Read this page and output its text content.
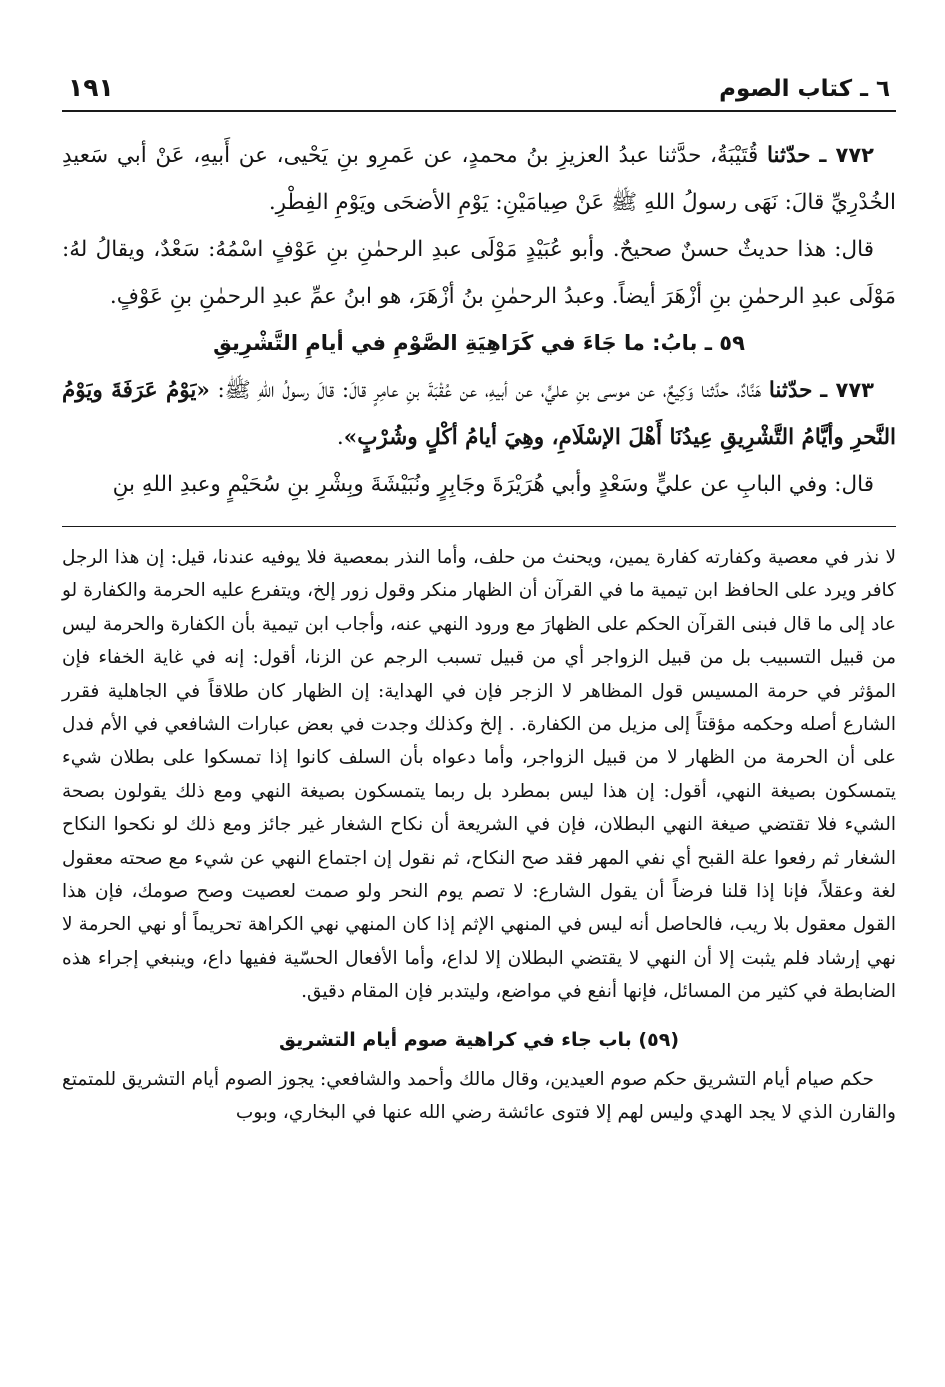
٦ ـ كتاب الصوم
١٩١

٧٧٢ ـ حدّثنا قُتَيْبَةُ، حدَّثنا عبدُ العزيزِ بنُ محمدٍ، عن عَمرِو بنِ يَحْيى، عن أَبيهِ، عَنْ أبي سَعيدِ الخُدْرِيِّ قالَ: نَهَى رسولُ اللهِ ﷺ عَنْ صِيامَيْنِ: يَوْمِ الأضحَى ويَوْمِ الفِطْرِ.

قال: هذا حديثٌ حسنٌ صحيحٌ. وأبو عُبَيْدٍ مَوْلَى عبدِ الرحمٰنِ بنِ عَوْفٍ اسْمُهُ: سَعْدٌ، ويقالُ لهُ: مَوْلَى عبدِ الرحمٰنِ بنِ أزْهَرَ أيضاً. وعبدُ الرحمٰنِ بنُ أزْهَرَ، هو ابنُ عمِّ عبدِ الرحمٰنِ بنِ عَوْفٍ.

٥٩ ـ بابُ: ما جَاءَ في كَرَاهِيَةِ الصَّوْمِ في أيامِ التَّشْرِيقِ

٧٧٣ ـ حدّثنا هَنَّادٌ، حدَّثنا وَكِيعٌ، عن موسى بنِ عليٍّ، عن أبيهِ، عن عُقْبَةَ بنِ عامِرٍ قالَ: قالَ رسولُ اللهِ ﷺ: «يَوْمُ عَرَفَةَ ويَوْمُ النَّحرِ وأيَّامُ التَّشْرِيقِ عِيدُنَا أَهْلَ الإسْلَامِ، وهِيَ أيامُ أكْلٍ وشُرْبٍ».

قال: وفي البابِ عن عليٍّ وسَعْدٍ وأبي هُرَيْرَةَ وجَابِرٍ ونُبَيْشَةَ وبِشْرِ بنِ سُحَيْمٍ وعبدِ اللهِ بنِ

لا نذر في معصية وكفارته كفارة يمين، ويحنث من حلف، وأما النذر بمعصية فلا يوفيه عندنا، قيل: إن هذا الرجل كافر ويرد على الحافظ ابن تيمية ما في القرآن أن الظهار منكر وقول زور إلخ، ويتفرع عليه الحرمة والكفارة لو عاد إلى ما قال فبنى القرآن الحكم على الظهارَ مع ورود النهي عنه، وأجاب ابن تيمية بأن الكفارة والحرمة ليس من قبيل التسبيب بل من قبيل الزواجر أي من قبيل تسبب الرجم عن الزنا، أقول: إنه في غاية الخفاء فإن المؤثر في حرمة المسيس قول المظاهر لا الزجر فإن في الهداية: إن الظهار كان طلاقاً في الجاهلية فقرر الشارع أصله وحكمه مؤقتاً إلى مزيل من الكفارة. . إلخ وكذلك وجدت في بعض عبارات الشافعي في الأم فدل على أن الحرمة من الظهار لا من قبيل الزواجر، وأما دعواه بأن السلف كانوا إذا تمسكوا على بطلان شيء يتمسكون بصيغة النهي، أقول: إن هذا ليس بمطرد بل ربما يتمسكون بصيغة النهي ومع ذلك يقولون بصحة الشيء فلا تقتضي صيغة النهي البطلان، فإن في الشريعة أن نكاح الشغار غير جائز ومع ذلك لو نكحوا النكاح الشغار ثم رفعوا علة القبح أي نفي المهر فقد صح النكاح، ثم نقول إن اجتماع النهي عن شيء مع صحته معقول لغة وعقلاً، فإنا إذا قلنا فرضاً أن يقول الشارع: لا تصم يوم النحر ولو صمت لعصيت وصح صومك، فإن هذا القول معقول بلا ريب، فالحاصل أنه ليس في المنهي الإثم إذا كان المنهي نهي الكراهة تحريماً أو نهي الحرمة لا نهي إرشاد فلم يثبت إلا أن النهي لا يقتضي البطلان إلا لداع، وأما الأفعال الحسّية ففيها داع، وينبغي إجراء هذه الضابطة في كثير من المسائل، فإنها أنفع في مواضع، وليتدبر فإن المقام دقيق.

(٥٩) باب جاء في كراهية صوم أيام التشريق

حكم صيام أيام التشريق حكم صوم العيدين، وقال مالك وأحمد والشافعي: يجوز الصوم أيام التشريق للمتمتع والقارن الذي لا يجد الهدي وليس لهم إلا فتوى عائشة رضي الله عنها في البخاري، وبوب
